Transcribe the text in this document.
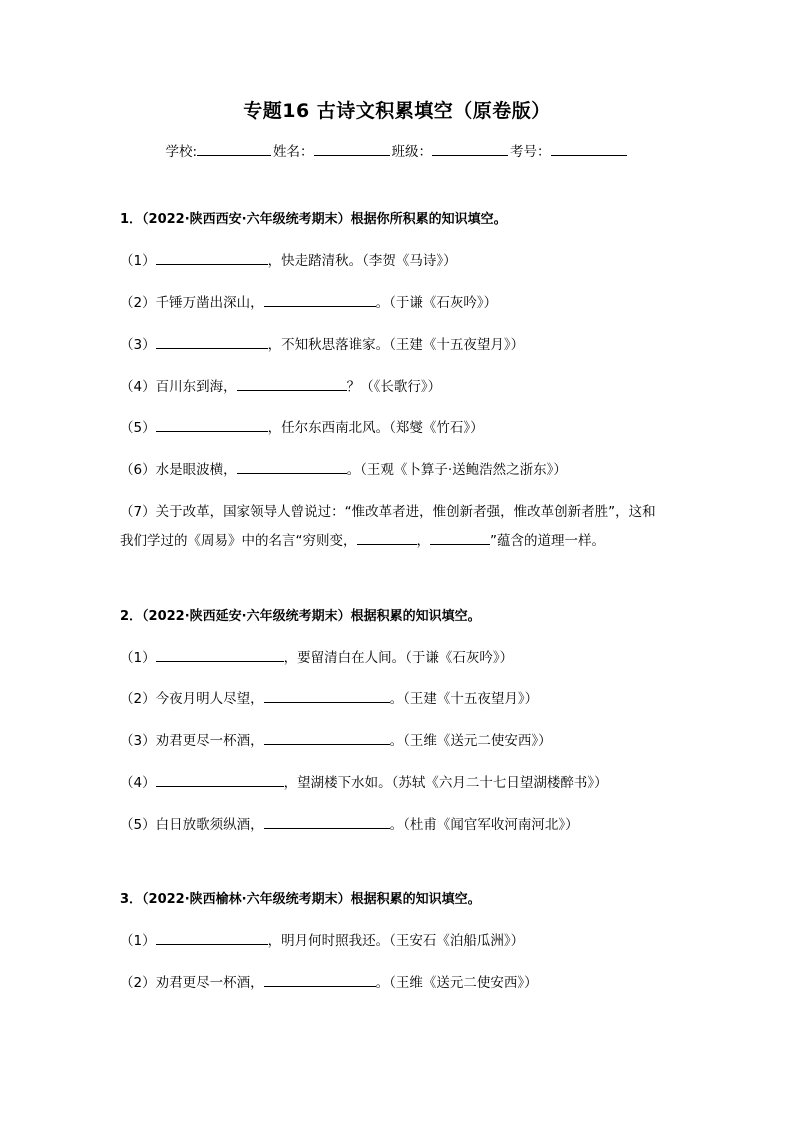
专题16 古诗文积累填空（原卷版）
学校:	姓名：	班级：	考号：
1．（2022·陕西西安·六年级统考期末）根据你所积累的知识填空。
（1）	，快走踏清秋。（李贺《马诗》）
（2）千锤万凿出深山，	。（于谦《石灰吟》）
（3）	，不知秋思落谁家。（王建《十五夜望月》）
（4）百川东到海，	？（《长歌行》）
（5）	，任尔东西南北风。（郑燮《竹石》）
（6）水是眼波横，	。（王观《卜算子·送鲍浩然之浙东》）
（7）关于改革，国家领导人曾说过：“惟改革者进，惟创新者强，惟改革创新者胜”，这和
我们学过的《周易》中的名言“穷则变，	，	”蕴含的道理一样。
2．（2022·陕西延安·六年级统考期末）根据积累的知识填空。
（1）	，要留清白在人间。（于谦《石灰吟》）
（2）今夜月明人尽望，	。（王建《十五夜望月》）
（3）劝君更尽一杯酒，	。（王维《送元二使安西》）
（4）	，望湖楼下水如。（苏轼《六月二十七日望湖楼醉书》）
（5）白日放歌须纵酒，	。（杜甫《闻官军收河南河北》）
3．（2022·陕西榆林·六年级统考期末）根据积累的知识填空。
（1）	，明月何时照我还。（王安石《泊船瓜洲》）
（2）劝君更尽一杯酒，	。（王维《送元二使安西》）
